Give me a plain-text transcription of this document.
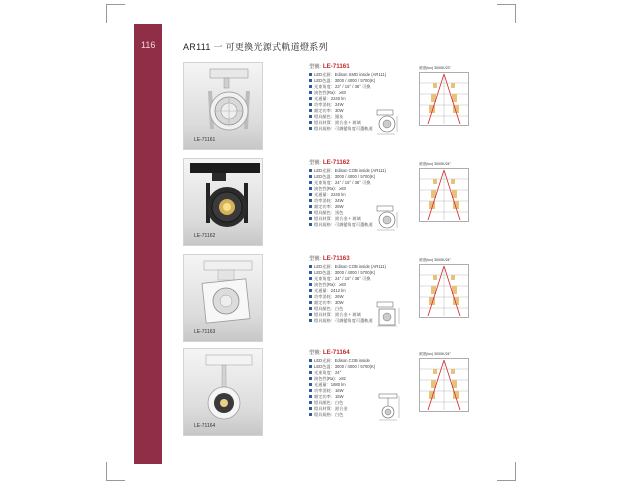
116	AR111 一 可更換光源式軌道燈系列
LE-71161
型號: LE-71161
LED光源：Edison SMD inside (AR111)
LED色溫：3000 / 4000 / 5700(K)
光束角度：23° / 15° / 36° 可換
演色性(Ra)：≥83
光通量：2240 lm
功率消耗：24W
額定功率：30W
燈具顏色：銀灰
燈具材質：鋁合金 + 玻璃
燈具規格：可調變角度可選軌道
照度(lux) 3000K/23°
LE-71162
型號: LE-71162
LED光源：Edison COB inside (AR111)
LED色溫：3000 / 4000 / 5700(K)
光束角度：24° / 15° / 36° 可換
演色性(Ra)：≥83
光通量：2240 lm
功率消耗：24W
額定功率：28W
燈具顏色：黑色
燈具材質：鋁合金 + 玻璃
燈具規格：可調變角度可選軌道
照度(lux) 3000K/24°
LE-71163
型號: LE-71163
LED光源：Edison COB inside (AR111)
LED色溫：3000 / 4000 / 5700(K)
光束角度：24° / 15° / 36° 可換
演色性(Ra)：≥83
光通量：2412 lm
功率消耗：26W
額定功率：30W
燈具顏色：白色
燈具材質：鋁合金 + 玻璃
燈具規格：可調變角度可選軌道
照度(lux) 3000K/24°
LE-71164
型號: LE-71164
LED光源：Edison COB inside
LED色溫：3000 / 4000 / 5700(K)
光束角度：24°
演色性(Ra)：≥82
光通量：1680 lm
功率消耗：16W
額定功率：15W
燈具顏色：白色
燈具材質：鋁合金
燈具規格：白色
照度(lux) 3000K/24°
